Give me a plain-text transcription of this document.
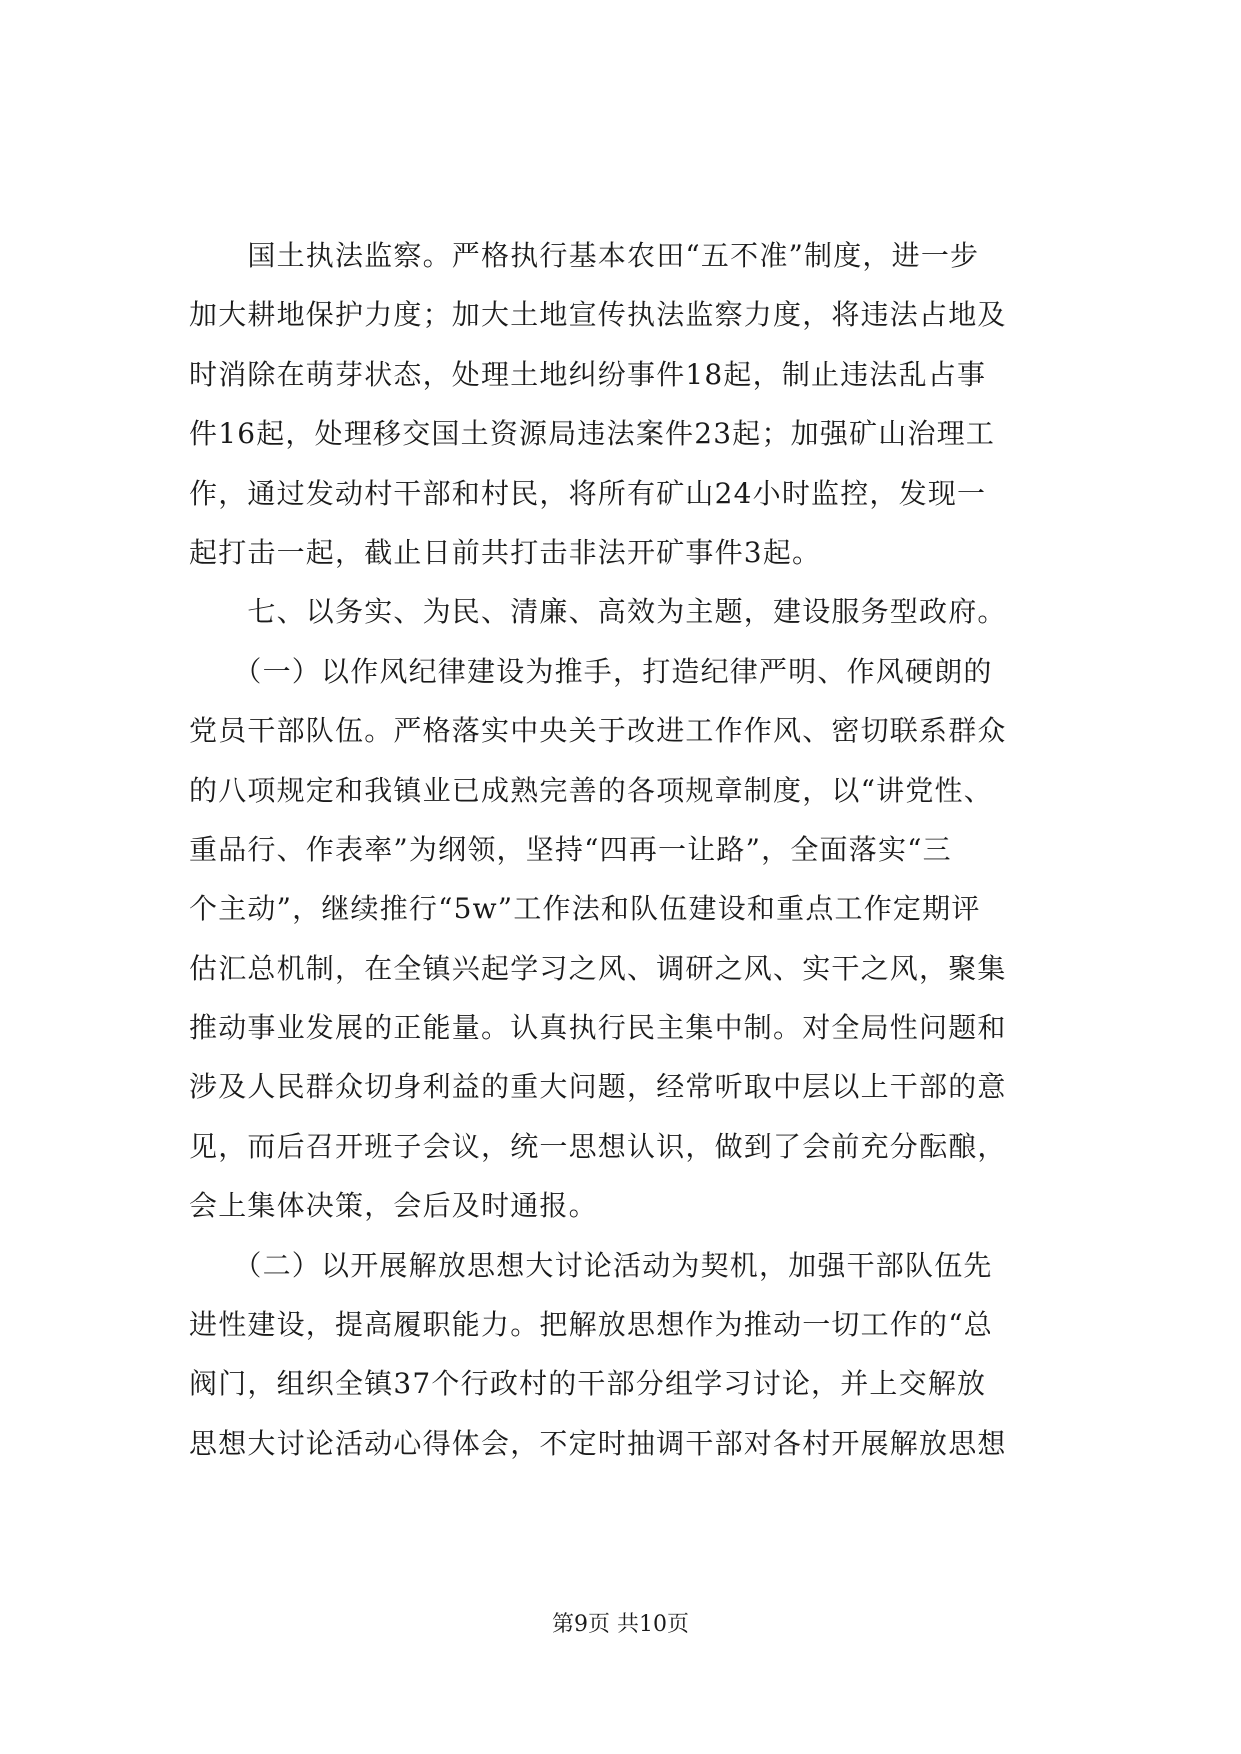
　　国土执法监察。严格执行基本农田“五不准”制度，进一步
加大耕地保护力度；加大土地宣传执法监察力度，将违法占地及
时消除在萌芽状态，处理土地纠纷事件18起，制止违法乱占事
件16起，处理移交国土资源局违法案件23起；加强矿山治理工
作，通过发动村干部和村民，将所有矿山24小时监控，发现一
起打击一起，截止日前共打击非法开矿事件3起。
　　七、以务实、为民、清廉、高效为主题，建设服务型政府。
　　（一）以作风纪律建设为推手，打造纪律严明、作风硬朗的
党员干部队伍。严格落实中央关于改进工作作风、密切联系群众
的八项规定和我镇业已成熟完善的各项规章制度，以“讲党性、
重品行、作表率”为纲领，坚持“四再一让路”，全面落实“三
个主动”，继续推行“5w”工作法和队伍建设和重点工作定期评
估汇总机制，在全镇兴起学习之风、调研之风、实干之风，聚集
推动事业发展的正能量。认真执行民主集中制。对全局性问题和
涉及人民群众切身利益的重大问题，经常听取中层以上干部的意
见，而后召开班子会议，统一思想认识，做到了会前充分酝酿，
会上集体决策，会后及时通报。
　　（二）以开展解放思想大讨论活动为契机，加强干部队伍先
进性建设，提高履职能力。把解放思想作为推动一切工作的“总
阀门，组织全镇37个行政村的干部分组学习讨论，并上交解放
思想大讨论活动心得体会，不定时抽调干部对各村开展解放思想
第9页 共10页
